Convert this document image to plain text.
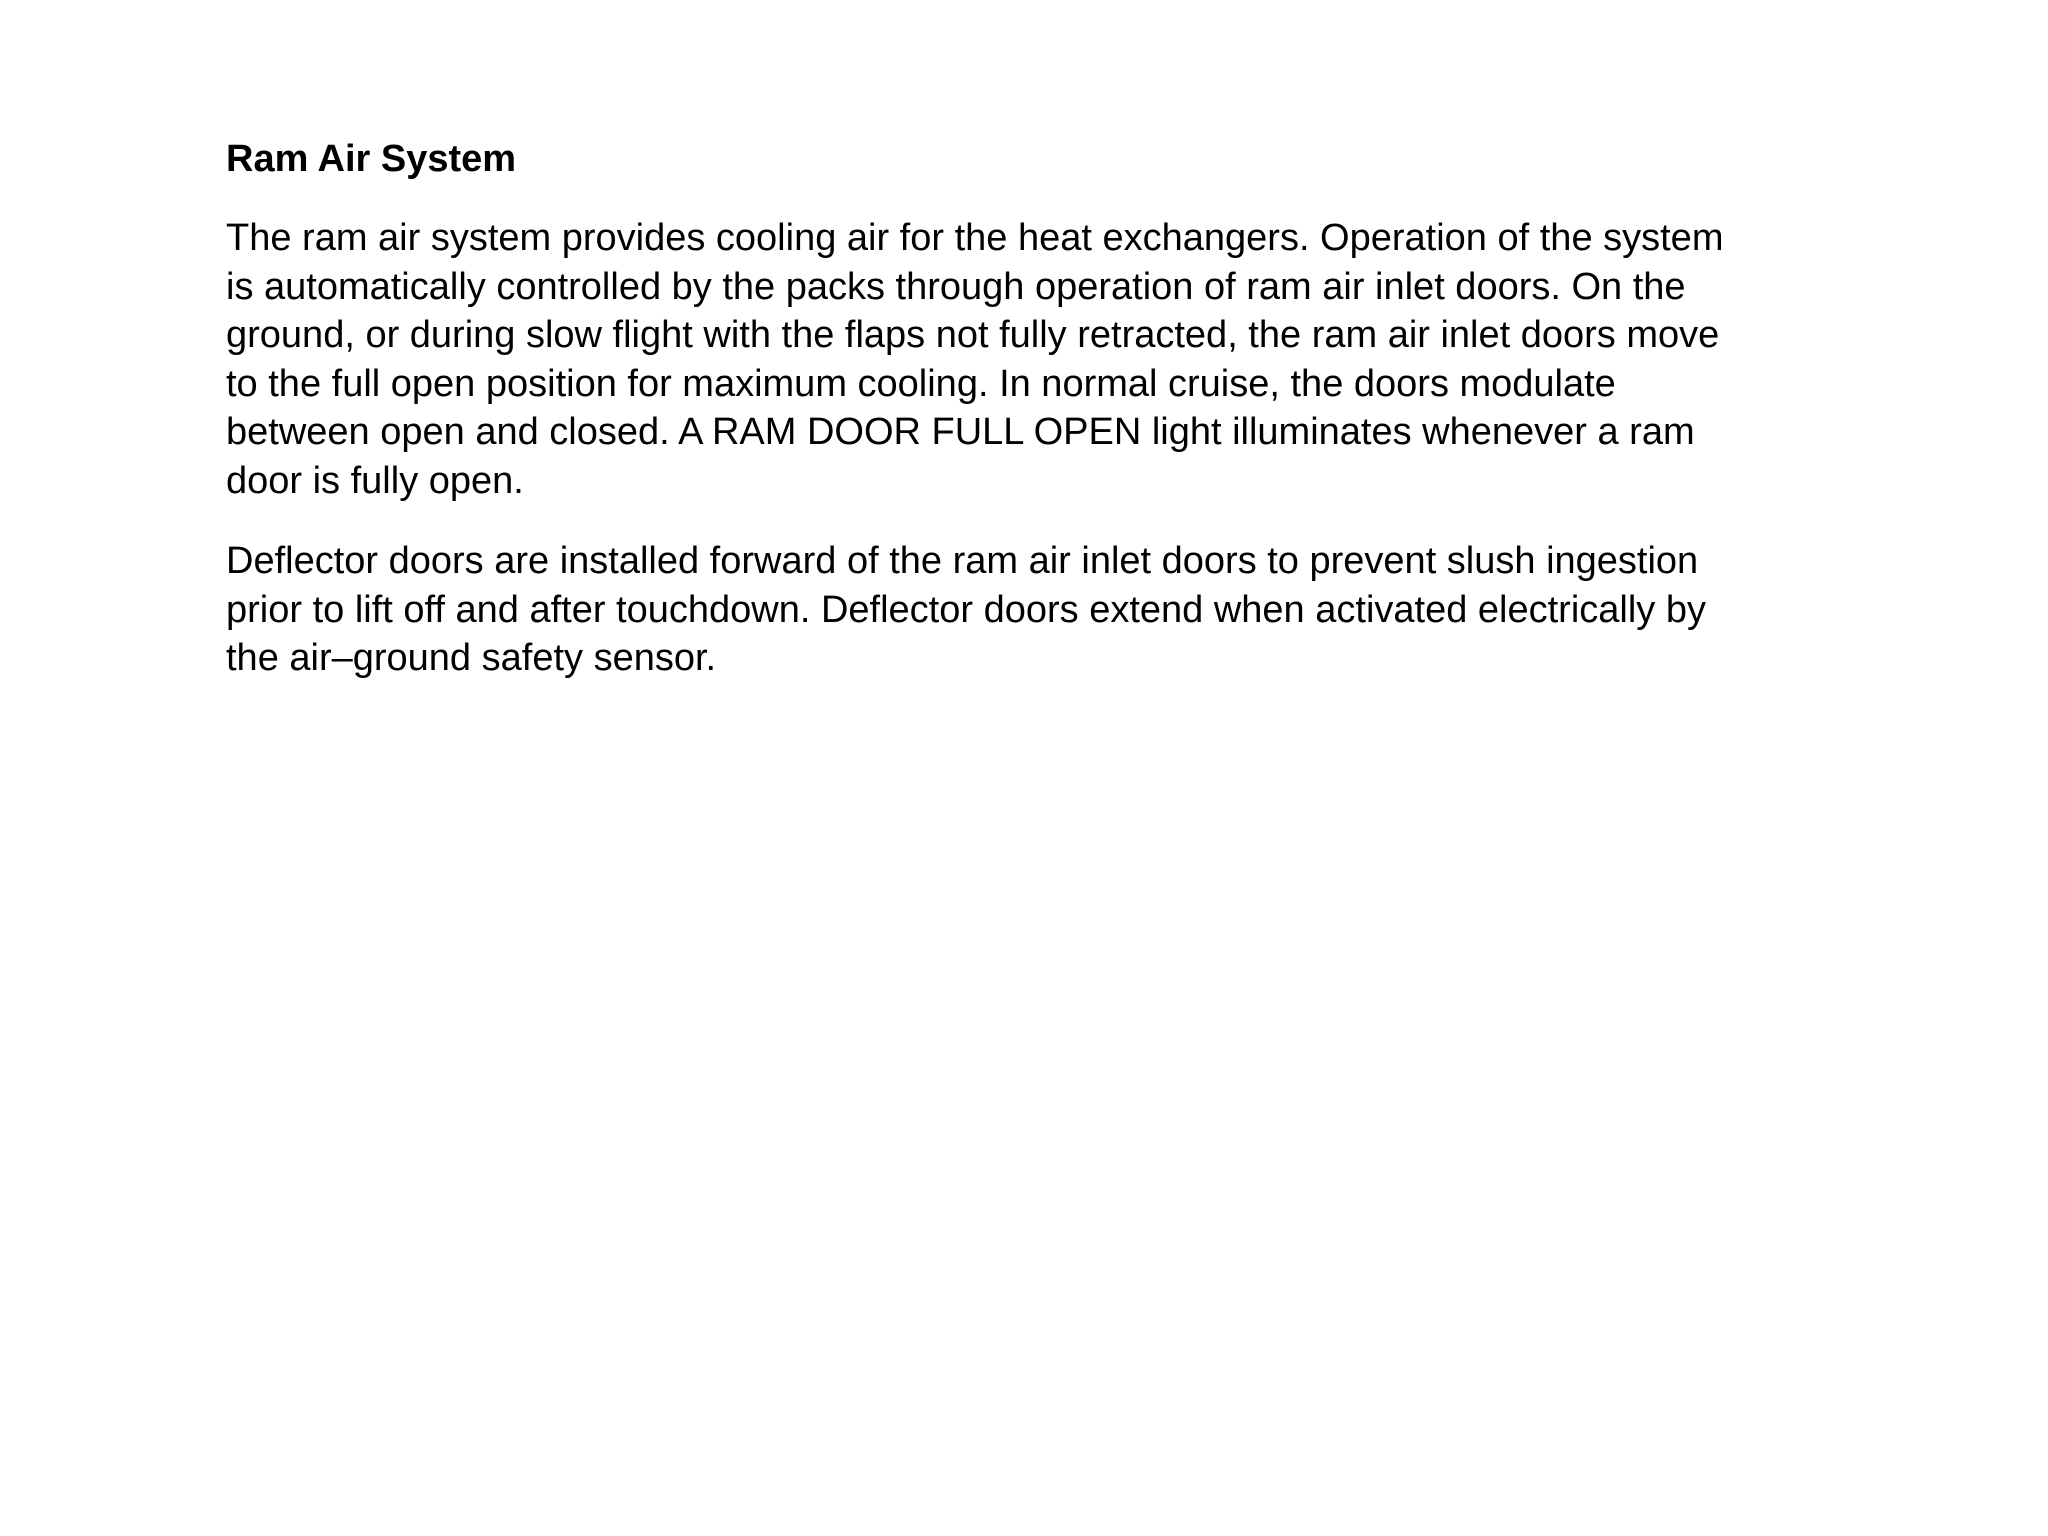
Ram Air System

The ram air system provides cooling air for the heat exchangers. Operation of the system
is automatically controlled by the packs through operation of ram air inlet doors. On the
ground, or during slow flight with the flaps not fully retracted, the ram air inlet doors move
to the full open position for maximum cooling. In normal cruise, the doors modulate
between open and closed. A RAM DOOR FULL OPEN light illuminates whenever a ram
door is fully open.

Deflector doors are installed forward of the ram air inlet doors to prevent slush ingestion
prior to lift off and after touchdown. Deflector doors extend when activated electrically by
the air–ground safety sensor.
